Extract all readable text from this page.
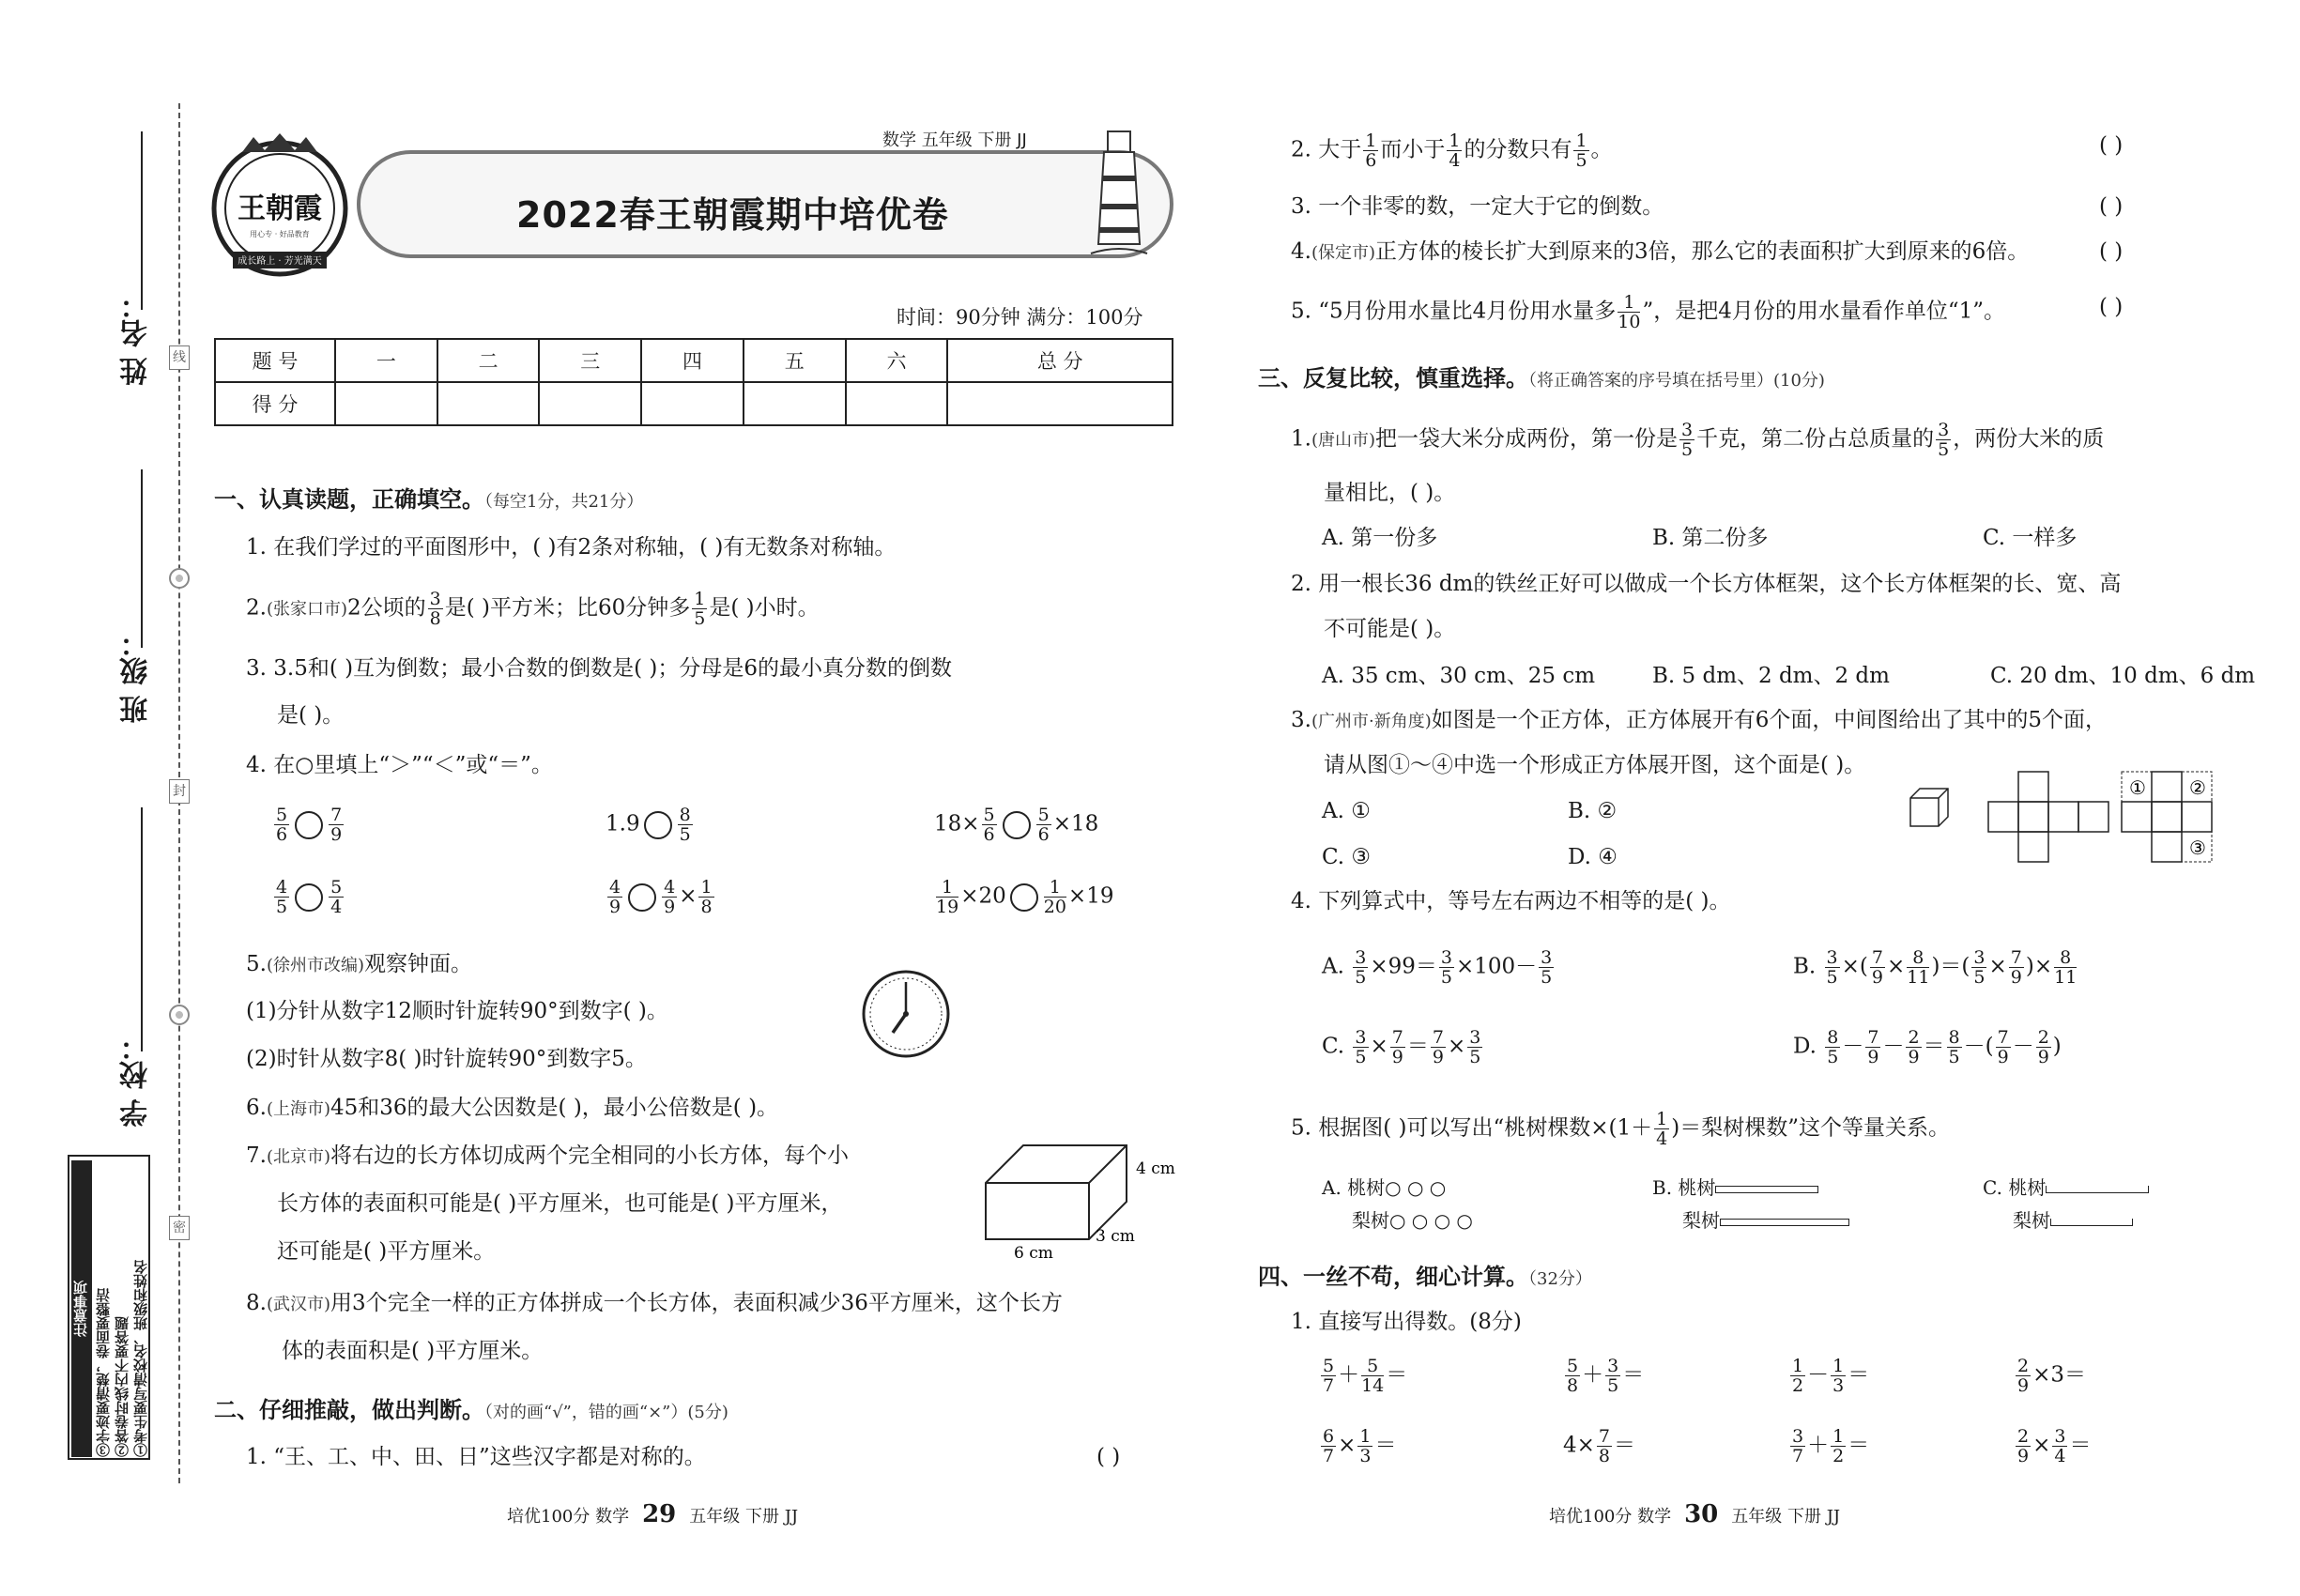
姓 名：
班 级：
学 校：
线
封
密
注意事项 ③字迹要清楚，卷面要整洁 ②答卷时线内不要答题 ①考生要写清校名、班级和姓名
王朝霞
用心专 · 好品教育
成长路上 · 芳光满天
数学 五年级 下册 JJ
2022春王朝霞期中培优卷
时间：90分钟 满分：100分
题 号	一	二	三	四	五	六	总 分
得 分							
一、认真读题，正确填空。（每空1分，共21分）
1. 在我们学过的平面图形中，( )有2条对称轴，( )有无数条对称轴。
2.(张家口市)2公顷的 $\frac{3}{8}$ 是( )平方米；比60分钟多 $\frac{1}{5}$ 是( )小时。
3. 3.5和( )互为倒数；最小合数的倒数是( )；分母是6的最小真分数的倒数
是( )。
4. 在○里填上“＞”“＜”或“＝”。
$\frac{5}{6} \frac{7}{9}$	$1.9 \frac{8}{5}$	$18\times \frac{5}{6} \frac{5}{6} \times 18$
$\frac{4}{5} \frac{5}{4}$	$\frac{4}{9} \frac{4}{9} \times \frac{1}{8}$	$\frac{1}{19} \times 20 \frac{1}{20} \times 19$
5.(徐州市改编)观察钟面。
(1)分针从数字12顺时针旋转90°到数字( )。
(2)时针从数字8( )时针旋转90°到数字5。
6.(上海市)45和36的最大公因数是( )，最小公倍数是( )。
7.(北京市)将右边的长方体切成两个完全相同的小长方体，每个小
长方体的表面积可能是( )平方厘米，也可能是( )平方厘米，
还可能是( )平方厘米。
4 cm
3 cm
6 cm
8.(武汉市)用3个完全一样的正方体拼成一个长方体，表面积减少36平方厘米，这个长方
体的表面积是( )平方厘米。
二、仔细推敲，做出判断。（对的画“√”，错的画“×”）(5分)
1. “王、工、中、田、日”这些汉字都是对称的。	( )
2. 大于 $\frac{1}{6}$ 而小于 $\frac{1}{4}$ 的分数只有 $\frac{1}{5}$ 。	( )
3. 一个非零的数，一定大于它的倒数。	( )
4.(保定市)正方体的棱长扩大到原来的3倍，那么它的表面积扩大到原来的6倍。	( )
5. “5月份用水量比4月份用水量多 $\frac{1}{10}$ ”，是把4月份的用水量看作单位“1”。	( )
三、反复比较，慎重选择。（将正确答案的序号填在括号里）(10分)
1.(唐山市)把一袋大米分成两份，第一份是 $\frac{3}{5}$ 千克，第二份占总质量的 $\frac{3}{5}$ ，两份大米的质
量相比，( )。
A. 第一份多	B. 第二份多	C. 一样多
2. 用一根长36 dm的铁丝正好可以做成一个长方体框架，这个长方体框架的长、宽、高
不可能是( )。
A. 35 cm、30 cm、25 cm	B. 5 dm、2 dm、2 dm	C. 20 dm、10 dm、6 dm
3.(广州市·新角度)如图是一个正方体，正方体展开有6个面，中间图给出了其中的5个面，
请从图①～④中选一个形成正方体展开图，这个面是( )。
A. ①	B. ②
C. ③	D. ④
① ②
③
4. 下列算式中，等号左右两边不相等的是( )。
A. $\frac{3}{5} \times 99= \frac{3}{5} \times 100- \frac{3}{5}$	B. $\frac{3}{5}$ ×( $\frac{7}{9} \times \frac{8}{11}$ )＝( $\frac{3}{5} \times \frac{7}{9}$ )× $\frac{8}{11}$
C. $\frac{3}{5} \times \frac{7}{9} = \frac{7}{9} \times \frac{3}{5}$	D. $\frac{8}{5} - \frac{7}{9} - \frac{2}{9} = \frac{8}{5}$ －( $\frac{7}{9} - \frac{2}{9}$ )
5. 根据图( )可以写出“桃树棵数$\times(1+ \frac{1}{4}$ )＝梨树棵数”这个等量关系。
A. 桃树○ ○ ○
梨树○ ○ ○ ○
B. 桃树
梨树
C. 桃树
梨树
四、一丝不苟，细心计算。（32分）
1. 直接写出得数。(8分)
$\frac{5}{7} + \frac{5}{14}$ ＝	$\frac{5}{8} + \frac{3}{5}$ ＝	$\frac{1}{2} - \frac{1}{3}$ ＝	$\frac{2}{9} \times 3=$
$\frac{6}{7} \times \frac{1}{3}$ ＝	$4\times \frac{7}{8}$ ＝	$\frac{3}{7} + \frac{1}{2}$ ＝	$\frac{2}{9} \times \frac{3}{4}$ ＝
培优100分 数学 29 五年级 下册 JJ	培优100分 数学 30 五年级 下册 JJ
